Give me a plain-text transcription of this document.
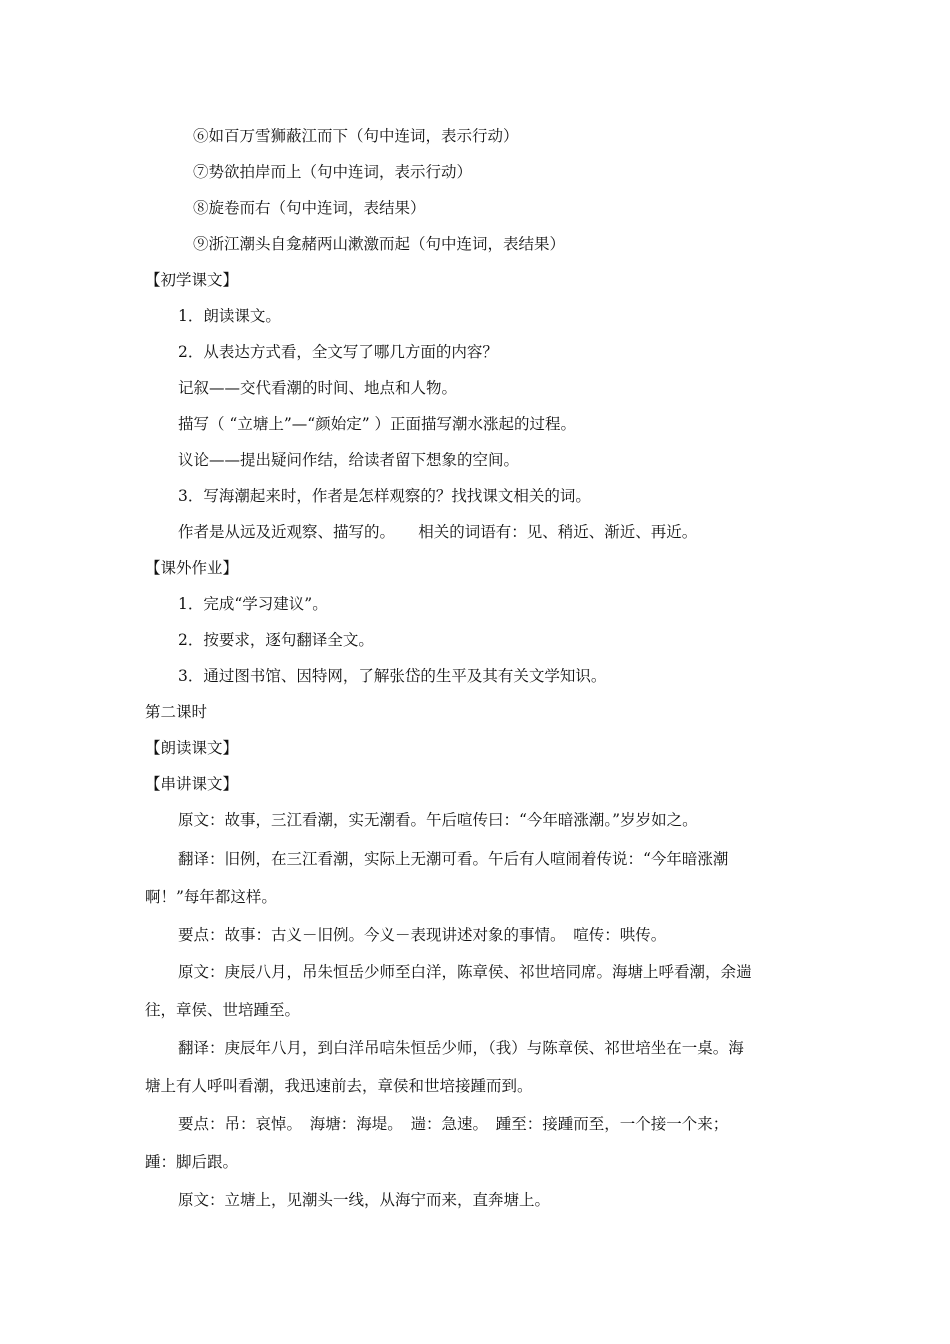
⑥如百万雪狮蔽江而下（句中连词，表示行动）
⑦势欲拍岸而上（句中连词，表示行动）
⑧旋卷而右（句中连词，表结果）
⑨浙江潮头自龛赭两山漱激而起（句中连词，表结果）
【初学课文】
1．朗读课文。
2．从表达方式看，全文写了哪几方面的内容？
记叙——交代看潮的时间、地点和人物。
描写（ “立塘上”—“颜始定” ）正面描写潮水涨起的过程。
议论——提出疑问作结，给读者留下想象的空间。
3．写海潮起来时，作者是怎样观察的？找找课文相关的词。
作者是从远及近观察、描写的。　　相关的词语有：见、稍近、渐近、再近。
【课外作业】
1．完成“学习建议”。
2．按要求，逐句翻译全文。
3．通过图书馆、因特网，了解张岱的生平及其有关文学知识。
第二课时
【朗读课文】
【串讲课文】
原文：故事，三江看潮，实无潮看。午后喧传曰：“今年暗涨潮。”岁岁如之。
翻译：旧例，在三江看潮，实际上无潮可看。午后有人喧闹着传说：“今年暗涨潮
啊！”每年都这样。
要点：故事：古义－旧例。今义－表现讲述对象的事情。　喧传：哄传。
原文：庚辰八月，吊朱恒岳少师至白洋，陈章侯、祁世培同席。海塘上呼看潮，余遄
往，章侯、世培踵至。
翻译：庚辰年八月，到白洋吊唁朱恒岳少师，（我）与陈章侯、祁世培坐在一桌。海
塘上有人呼叫看潮，我迅速前去，章侯和世培接踵而到。
要点：吊：哀悼。　海塘：海堤。　遄：急速。　踵至：接踵而至，一个接一个来；
踵：脚后跟。
原文：立塘上，见潮头一线，从海宁而来，直奔塘上。
